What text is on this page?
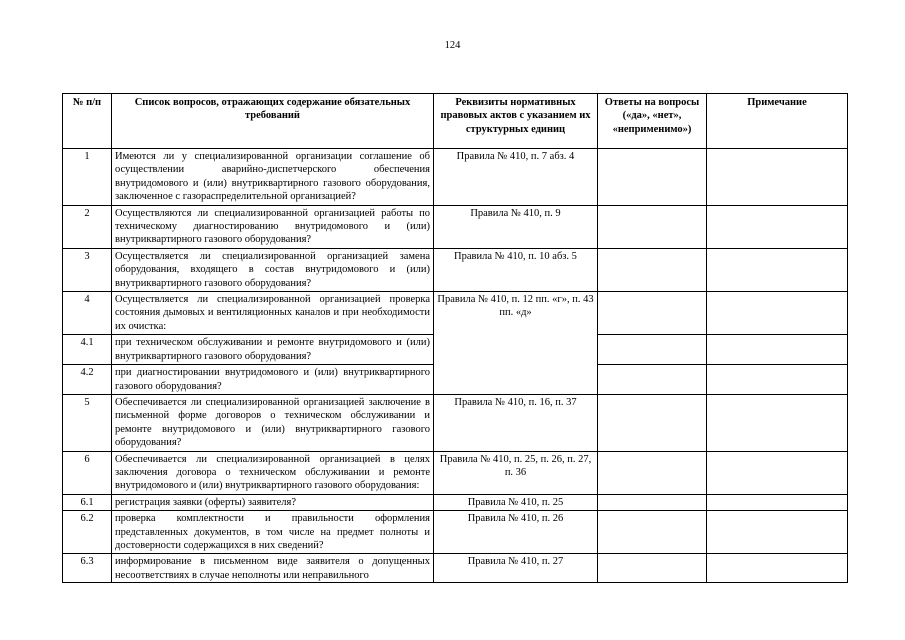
124
№ п/п	Список вопросов, отражающих содержание обязательных требований	Реквизиты нормативных правовых актов с указанием их структурных единиц	Ответы на вопросы («да», «нет», «неприменимо»)	Примечание
1	Имеются ли у специализированной организации соглашение об осуществлении аварийно-диспетчерского обеспечения внутридомового и (или) внутриквартирного газового оборудования, заключенное с газораспределительной организацией?	Правила № 410, п. 7 абз. 4		
2	Осуществляются ли специализированной организацией работы по техническому диагностированию внутридомового и (или) внутриквартирного газового оборудования?	Правила № 410, п. 9		
3	Осуществляется ли специализированной организацией замена оборудования, входящего в состав внутридомового и (или) внутриквартирного газового оборудования?	Правила № 410, п. 10 абз. 5		
4	Осуществляется ли специализированной организацией проверка состояния дымовых и вентиляционных каналов и при необходимости их очистка:	Правила № 410, п. 12 пп. «г», п. 43 пп. «д»		
4.1	при техническом обслуживании и ремонте внутридомового и (или) внутриквартирного газового оборудования?			
4.2	при диагностировании внутридомового и (или) внутриквартирного газового оборудования?			
5	Обеспечивается ли специализированной организацией заключение в письменной форме договоров о техническом обслуживании и ремонте внутридомового и (или) внутриквартирного газового оборудования?	Правила № 410, п. 16, п. 37		
6	Обеспечивается ли специализированной организацией в целях заключения договора о техническом обслуживании и ремонте внутридомового и (или) внутриквартирного газового оборудования:	Правила № 410, п. 25, п. 26, п. 27, п. 36		
6.1	регистрация заявки (оферты) заявителя?	Правила № 410, п. 25		
6.2	проверка комплектности и правильности оформления представленных документов, в том числе на предмет полноты и достоверности содержащихся в них сведений?	Правила № 410, п. 26		
6.3	информирование в письменном виде заявителя о допущенных несоответствиях в случае неполноты или неправильного	Правила № 410, п. 27		
